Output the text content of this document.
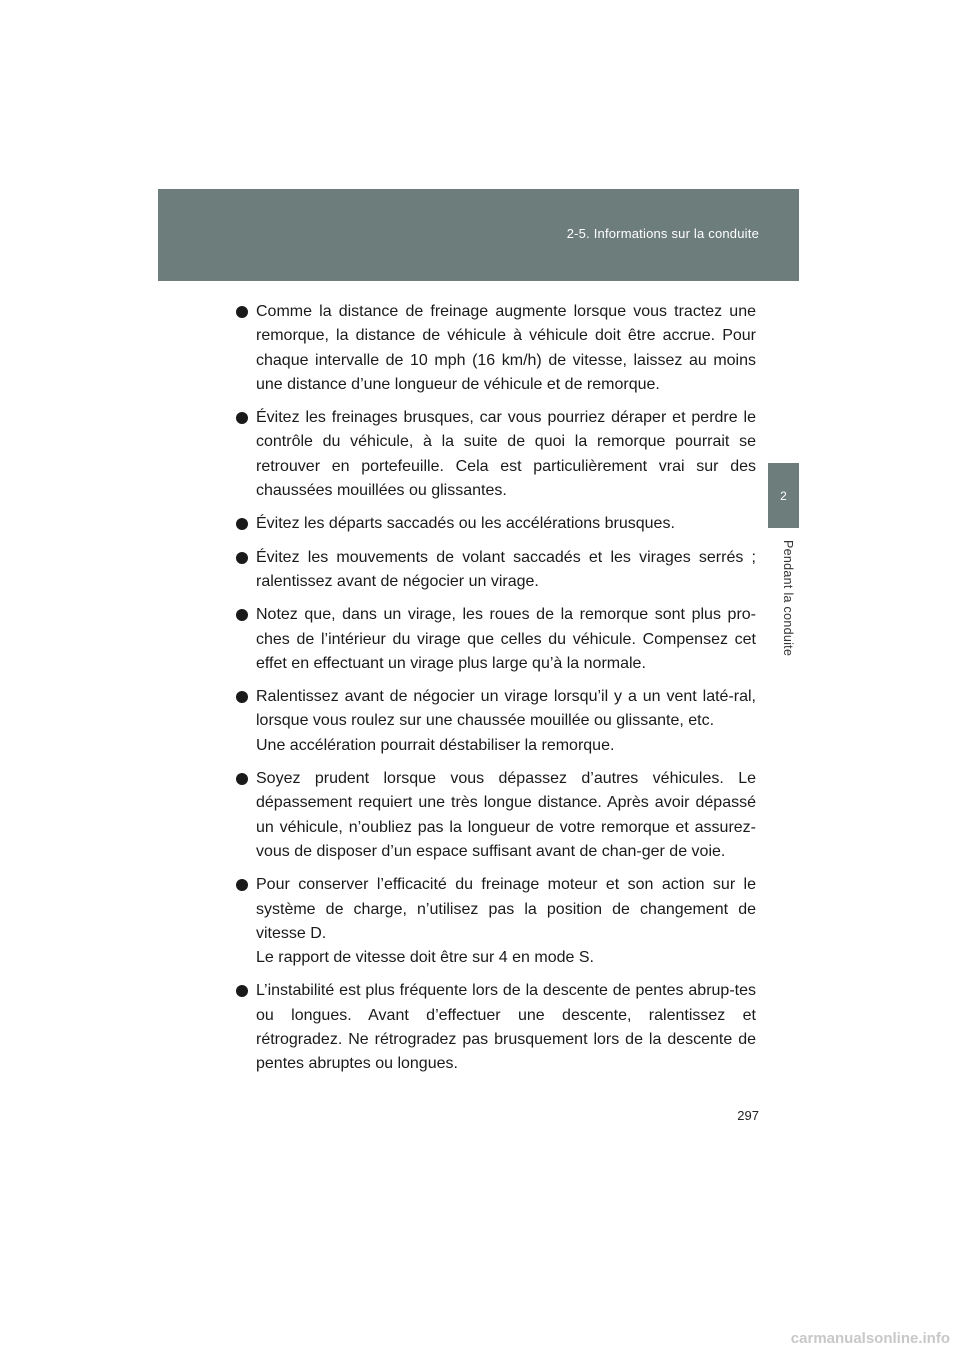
2-5. Informations sur la conduite
2
Pendant la conduite
Comme la distance de freinage augmente lorsque vous tractez une remorque, la distance de véhicule à véhicule doit être accrue. Pour chaque intervalle de 10 mph (16 km/h) de vitesse, laissez au moins une distance d’une longueur de véhicule et de remorque.
Évitez les freinages brusques, car vous pourriez déraper et perdre le contrôle du véhicule, à la suite de quoi la remorque pourrait se retrouver en portefeuille. Cela est particulièrement vrai sur des chaussées mouillées ou glissantes.
Évitez les départs saccadés ou les accélérations brusques.
Évitez les mouvements de volant saccadés et les virages serrés ; ralentissez avant de négocier un virage.
Notez que, dans un virage, les roues de la remorque sont plus pro-ches de l’intérieur du virage que celles du véhicule. Compensez cet effet en effectuant un virage plus large qu’à la normale.
Ralentissez avant de négocier un virage lorsqu’il y a un vent laté-ral, lorsque vous roulez sur une chaussée mouillée ou glissante, etc.
Une accélération pourrait déstabiliser la remorque.
Soyez prudent lorsque vous dépassez d’autres véhicules. Le dépassement requiert une très longue distance. Après avoir dépassé un véhicule, n’oubliez pas la longueur de votre remorque et assurez-vous de disposer d’un espace suffisant avant de chan-ger de voie.
Pour conserver l’efficacité du freinage moteur et son action sur le système de charge, n’utilisez pas la position de changement de vitesse D.
Le rapport de vitesse doit être sur 4 en mode S.
L’instabilité est plus fréquente lors de la descente de pentes abrup-tes ou longues. Avant d’effectuer une descente, ralentissez et rétrogradez. Ne rétrogradez pas brusquement lors de la descente de pentes abruptes ou longues.
297
carmanualsonline.info
